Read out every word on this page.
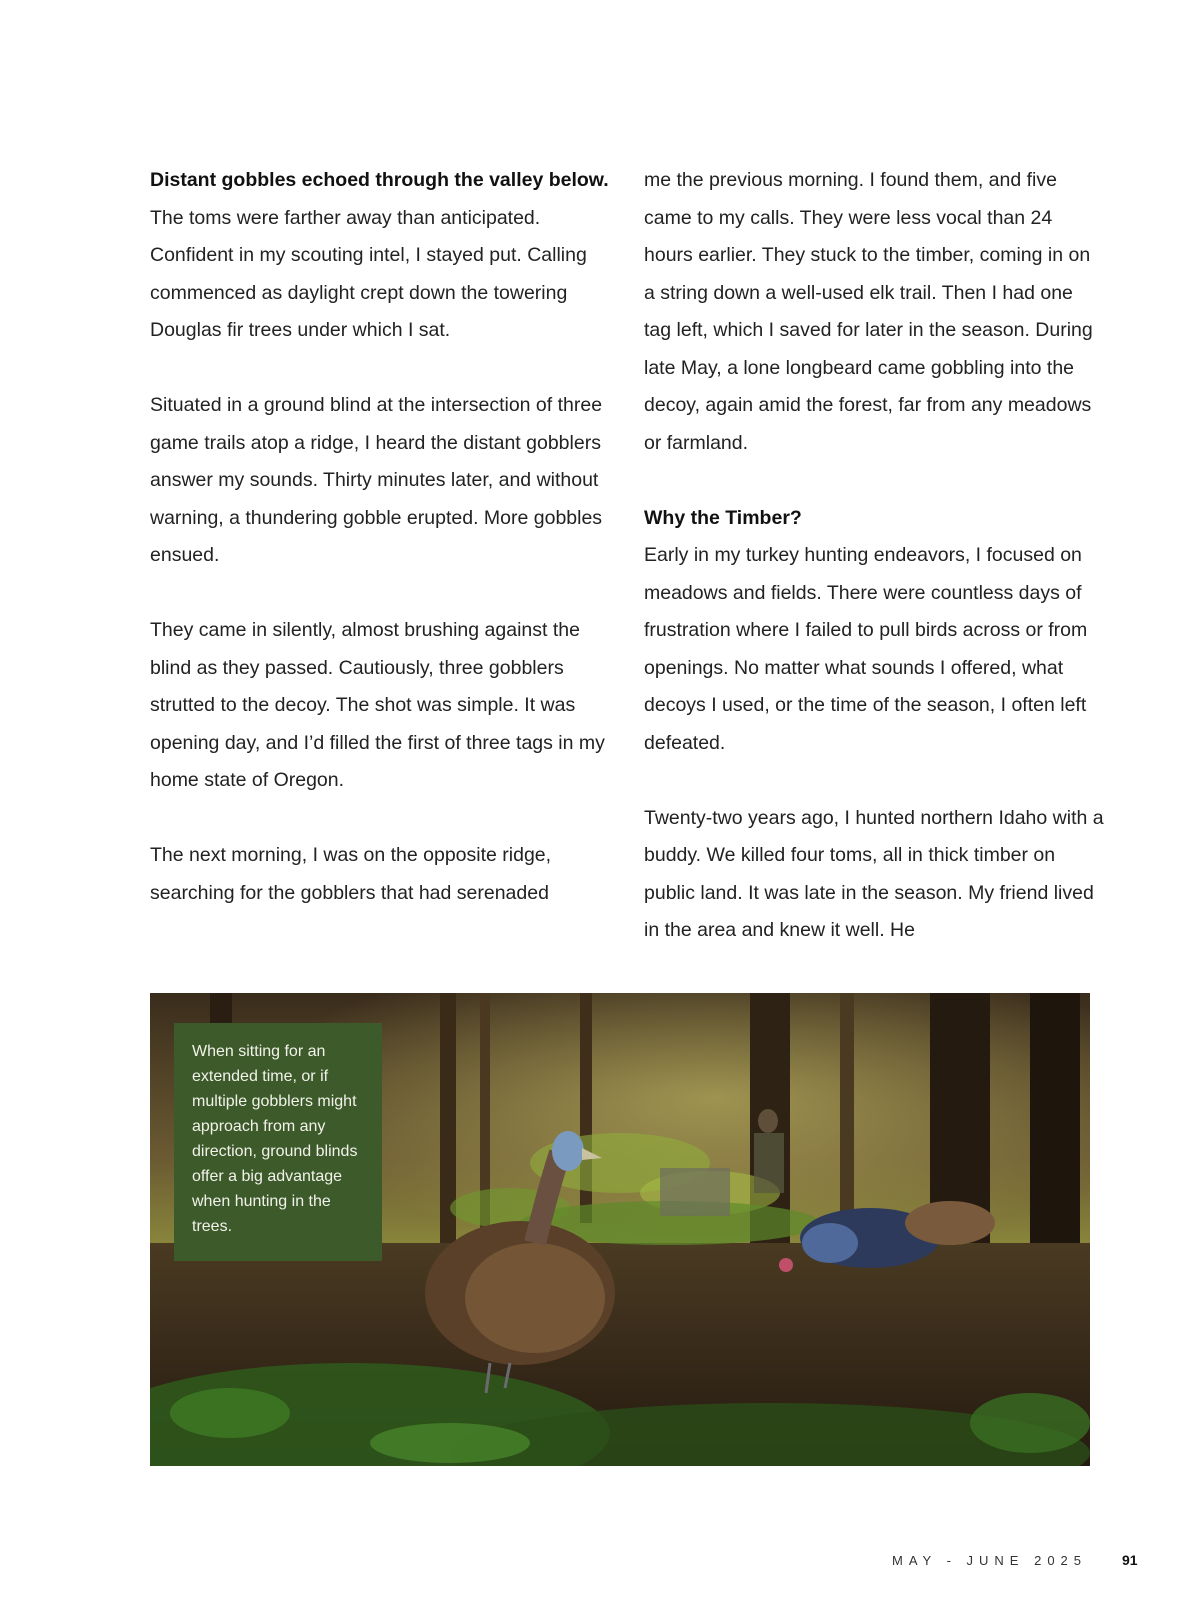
Distant gobbles echoed through the valley below. The toms were farther away than anticipated. Confident in my scouting intel, I stayed put. Calling commenced as daylight crept down the towering Douglas fir trees under which I sat.

Situated in a ground blind at the intersection of three game trails atop a ridge, I heard the distant gobblers answer my sounds. Thirty minutes later, and without warning, a thundering gobble erupted. More gobbles ensued.

They came in silently, almost brushing against the blind as they passed. Cautiously, three gobblers strutted to the decoy. The shot was simple. It was opening day, and I’d filled the first of three tags in my home state of Oregon.

The next morning, I was on the opposite ridge, searching for the gobblers that had serenaded

me the previous morning. I found them, and five came to my calls. They were less vocal than 24 hours earlier. They stuck to the timber, coming in on a string down a well-used elk trail. Then I had one tag left, which I saved for later in the season. During late May, a lone longbeard came gobbling into the decoy, again amid the forest, far from any meadows or farmland.

Why the Timber?
Early in my turkey hunting endeavors, I focused on meadows and fields. There were countless days of frustration where I failed to pull birds across or from openings. No matter what sounds I offered, what decoys I used, or the time of the season, I often left defeated.

Twenty-two years ago, I hunted northern Idaho with a buddy. We killed four toms, all in thick timber on public land. It was late in the season. My friend lived in the area and knew it well. He

When sitting for an extended time, or if multiple gobblers might approach from any direction, ground blinds offer a big advantage when hunting in the trees.
MAY - JUNE 2025 91
